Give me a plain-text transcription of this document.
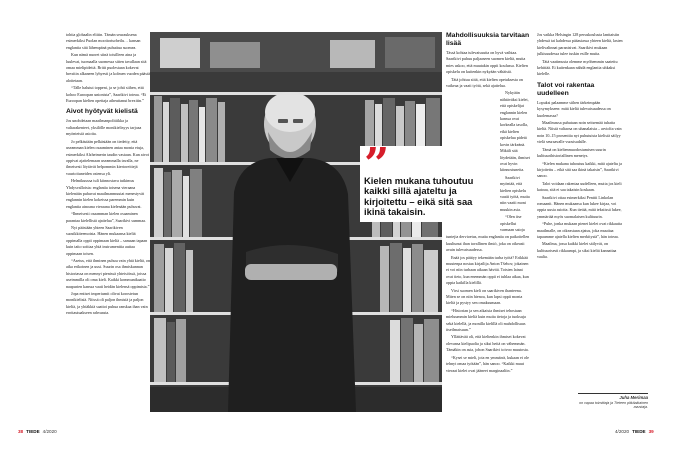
tohtia globaalin eliitin. Tämän seurauksena esimerkiksi Puolan moottoriurheilu… kansan englantia sitä lähempänä puhuttua suomea.

Kun nämä nuoret siinä toisilleen aina ja luulevat, tuomaalla suomessa sitten tavallaan sitä omaa mielipidettä. Britit puolestaan kokevat brexitin alkaneen lyhyesti ja kolmen vuoden päästä aloitetaan.

“Tälle halutut toppeni, ja se johti siihen, että kohoo Euroopan unionista”, Saarikivi toteaa. “Ei Euroopan kielten opettaja aiheuttanut brexitin.”

Aivot hyötyvät kielistä

Jos unohdetaan maailmanpolitiikka ja valtarakenteet, yksilölle monikielisyys tarjoaa myönteisiä asioita.

Jo pelkästään pelkästään on tiedetty, että useamman kielen osaaminen antaa monia etuja, esimerkiksi Alzheimerin taudin vastaan. Kun aivot oppivat ajattelemaan useammalla tavalla, ne ilmeisesti löytävät helpommin kiertoreittejä vaurioituneiden osiensa yli.

Helmikuussa tuli kiinnostava tutkimus Yhdysvalloista: englantia toisena vieraana kielenään puhuvat maailmanmuutat menestyvät englannin kielen kokeissa paremmin kuin englantia ainoana vieraana kielenään puhuvat.

“Ihmeisesti osaamman kielen osaaminen parantaa kielellistä ajattelua”, Saarikivi summaa.

Nyt päästään yhteen Saarikiven suosikkiteemoista. Hänen mukaansa kieliä oppimalla oppii oppimaan kieliä – samaan tapaan kuin taito soittaa yhtä instrumenttia auttaa oppimaan toisen.

“Asetus, että ihminen puhuu vain yhtä kieltä, on aika erikoinen ja uusi. Suurin osa ihmiskunnan historiassa on mennyt pienissä yhteisöissä, joissa useimmilla oli oma kieli. Kaikki kommunikaatio naapurien kanssa vaati heidän kielensä oppimista.”

Jopa entiset imperiumit olivat korostetun monikielisiä. Niissä oli paljon ihmisiä ja paljon kieliä, ja yhtäkkiä saattoi puhua ranskaa ihan vain erottautuakseen rahvaasta.

”
Kielen mukana tuhoutuu kaikki sillä ajateltu ja kirjoitettu – eikä sitä saa ikinä takaisin.
Mahdollisuuksia tarvitaan lisää

Tässä kohtaa tulevaisuutta on hyvä vaihtaa. Saarikivi puhuu paljaaseen suomen kieltä, mutta mies uskoo, että muutakin oppii koulussa. Kielten opiskelu on kuitenkin nykyään vähäistä.

Tätä johtuu siitä, että kielten opetuksesta on vaikeaa ja vaati työtä, sekä ajattelua.

Nykyään nähtäväksi kielet, että opiskelijat englannin kielen kanssa ovat korkealla tasolla, eikä kielten opiskelua pidetä kovin tärkeänä. Mikäli sitä löydetään, ihmiset ovat hyvin kiinnostuneita.

Saarikivi myöntää, että kielten opiskelu vaatii työtä, mutta niin vaatii moni muukin asia.

“Olen itse opiskellut varmaan satoja

tuntejia dervioetus, mutta englantia on paikoitellen kuultunut ihan tavallinen ilmiö, joka on oikeasti avain tulevaisuudessa.

Enää jos päätyy tekemään turha työtä? Erikkää muutenpa nostaa kirjailija Anton Tšehov, jokainen ei voi niin turhaan aikaan hävitä. Toisten lainat ovat tieto, kun enemmän oppii ei tuhlaa aikaa, kun oppia kaikilla kielillä.

Virsi suomen kieli on saarikiven ihanteena. Miten se on niin hienoa, kun lapsi oppii monta kieltä ja pystyy sen omaksumaan.

“Historian ja sen aikaisia ihmiset tehostaan mieluummin kieliä kuin muita tietoja ja tuoksuja sekä kielellä, ja monilla kielillä oli mahdollisuus itseilmaisuun.”

Yllättävää oli, että kieltenkin ihmiset kokevat olevansa kielipuolia ja siksi heitä on vähemmän. Tämäkin on asia, johon Saarikivi toivoo muutosta.

“Kysei se mieli, jota en ymmärrä, kukaan ei ole tehnyt omaa työtään”, hän sanoo. “Kaikki muut vieraat kielet ovat jääneet marginaaliin.”

Jos vaikka Helsingin 128 peruskoulusta lanttaisiin yhdessä tai kahdessa pääasiassa yhteen kieltä, lasten kielivalinnat paranisivat. Saarikivi mukaan julkisuudessa tulee tuskin esille muita.

Tätä vaatimusta olemme myöhemmin saatettu kehittää. Ei kuitenkaan nähdä englantia uhkaksi kielelle.

Talot voi rakentaa uudelleen

Lopuksi palaamme siihen tärkeimpään kysymykseen: mitä kieliä tulevaisuudessa on kuolemassa?

Maailmassa puhutaan noin seitsemää tuhatta kieltä. Niistä valtaosa on uhanalaisia – arviolta vain noin 10–15 prosenttia nyt puhutuista kielistä säilyy vielä seuraavalle vuosisadalle.

Tämä on kieltenmuodostumisen suurin kulttuurihistoriallinen menetys.

“Kielen mukana tuhoutuu kaikki, mitä ajateltu ja kirjoitettu – eikä sitä saa ikinä takaisin”, Saarikivi sanoo.

Talot voidaan rakentaa uudelleen, mutta jos kieli katoaa, sitä ei saa takaisin koskaan.

Saarikivi ottaa esimerkiksi Penttii Linkolan romaanit. Hänen mukaansa kun lukee kirjaa, voi oppia uusia asioita. Kun tietää, mitä tekstissä lukee, ymmärtää myös suomalaisen kulttuurin.

“Puhe, jonka mukaan pienet kielet ovat rikkautta maailmalle, on oikeastaan ajatus, joka muuttaa tapaamme ajatella kielten merkitystä”, hän toteaa.

Maailma, jossa kaikki kielet säilyvät, on kulttuurisesti rikkaampi, ja siksi kieliä kannattaa vaalia.

Juha Merimaa
on vapaa toimittaja ja Tieteen pitkäaikainen avustaja.
38 TIEDE 4/2020	4/2020 TIEDE 39
